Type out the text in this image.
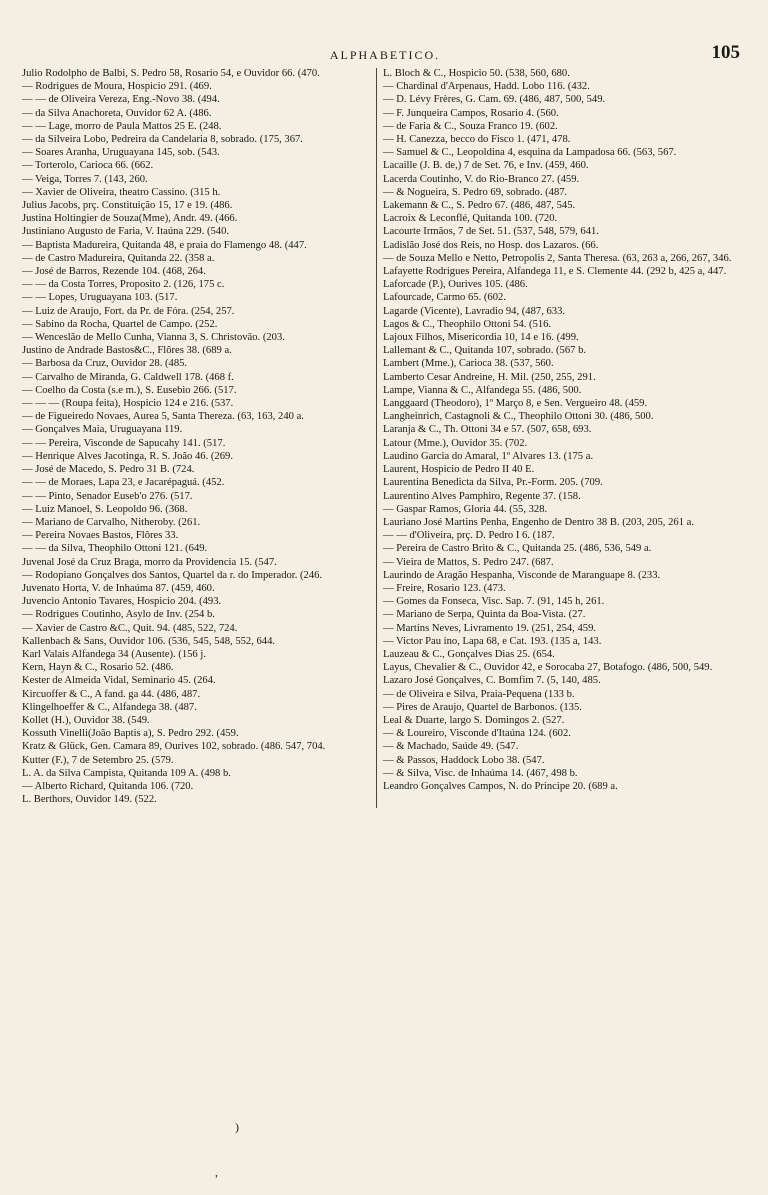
ALPHABETICO.	105
Julio Rodolpho de Balbi, S. Pedro 58, Rosario 54, e Ouvidor 66. (470.
— Rodrigues de Moura, Hospicio 291. (469.
— — de Oliveira Vereza, Eng.-Novo 38. (494.
— da Silva Anachoreta, Ouvidor 62 A. (486.
— — Lage, morro de Paula Mattos 25 E. (248.
— da Silveira Lobo, Pedreira da Candelaria 8, sobrado. (175, 367.
— Soares Aranha, Uruguayana 145, sob. (543.
— Torterolo, Carioca 66. (662.
— Veiga, Torres 7. (143, 260.
— Xavier de Oliveira, theatro Cassino. (315 h.
Julius Jacobs, prç. Constituição 15, 17 e 19. (486.
Justina Holtingier de Souza(Mme), Andr. 49. (466.
Justiniano Augusto de Faria, V. Itaúna 229. (540.
— Baptista Madureira, Quitanda 48, e praia do Flamengo 48. (447.
— de Castro Madureira, Quitanda 22. (358 a.
— José de Barros, Rezende 104. (468, 264.
— — da Costa Torres, Proposito 2. (126, 175 c.
— — Lopes, Uruguayana 103. (517.
— Luiz de Araujo, Fort. da Pr. de Fóra. (254, 257.
— Sabino da Rocha, Quartel de Campo. (252.
— Wenceslão de Mello Cunha, Vianna 3, S. Christovão. (203.
Justino de Andrade Bastos&C., Flôres 38. (689 a.
— Barbosa da Cruz, Ouvidor 28. (485.
— Carvalho de Miranda, G. Caldwell 178. (468 f.
— Coelho da Costa (s.e m.), S. Eusebio 266. (517.
— — — (Roupa feita), Hospicio 124 e 216. (537.
— de Figueiredo Novaes, Aurea 5, Santa Thereza. (63, 163, 240 a.
— Gonçalves Maia, Uruguayana 119.
— — Pereira, Visconde de Sapucahy 141. (517.
— Henrique Alves Jacotinga, R. S. João 46. (269.
— José de Macedo, S. Pedro 31 B. (724.
— — de Moraes, Lapa 23, e Jacarépaguá. (452.
— — Pinto, Senador Euseb'o 276. (517.
— Luiz Manoel, S. Leopoldo 96. (368.
— Mariano de Carvalho, Nitheroby. (261.
— Pereira Novaes Bastos, Flôres 33.
— — da Silva, Theophilo Ottoni 121. (649.
Juvenal José da Cruz Braga, morro da Providencia 15. (547.
— Rodopiano Gonçalves dos Santos, Quartel da r. do Imperador. (246.
Juvenato Horta, V. de Inhaúma 87. (459, 460.
Juvencio Antonio Tavares, Hospicio 204. (493.
— Rodrigues Coutinho, Asylo de Inv. (254 b.
— Xavier de Castro &C., Quit. 94. (485, 522, 724.
Kallenbach & Sans, Ouvidor 106. (536, 545, 548, 552, 644.
Karl Valais Alfandega 34 (Ausente). (156 j.
Kern, Hayn & C., Rosario 52. (486.
Kester de Almeida Vidal, Seminario 45. (264.
Kircuoffer & C., A fand. ga 44. (486, 487.
Klingelhoeffer & C., Alfandega 38. (487.
Kollet (H.), Ouvidor 38. (549.
Kossuth Vinelli(João Baptis a), S. Pedro 292. (459.
Kratz & Glück, Gen. Camara 89, Ourives 102, sobrado. (486. 547, 704.
Kutter (F.), 7 de Setembro 25. (579.
L. A. da Silva Campista, Quitanda 109 A. (498 b.
— Alberto Richard, Quitanda 106. (720.
L. Berthors, Ouvidor 149. (522.
L. Bloch & C., Hospicio 50. (538, 560, 680.
— Chardinal d'Arpenaus, Hadd. Lobo 116. (432.
— D. Lévy Frères, G. Cam. 69. (486, 487, 500, 549.
— F. Junqueira Campos, Rosario 4. (560.
— de Faria & C., Souza Franco 19. (602.
— H. Canezza, becco do Fisco 1. (471, 478.
— Samuel & C., Leopoldina 4, esquina da Lampadosa 66. (563, 567.
Lacaille (J. B. de,) 7 de Set. 76, e Inv. (459, 460.
Lacerda Coutinho, V. do Rio-Branco 27. (459.
— & Nogueira, S. Pedro 69, sobrado. (487.
Lakemann & C., S. Pedro 67. (486, 487, 545.
Lacroix & Leconflé, Quitanda 100. (720.
Lacourte Irmãos, 7 de Set. 51. (537, 548, 579, 641.
Ladislão José dos Reis, no Hosp. dos Lazaros. (66.
— de Souza Mello e Netto, Petropolis 2, Santa Theresa. (63, 263 a, 266, 267, 346.
Lafayette Rodrigues Pereira, Alfandega 11, e S. Clemente 44. (292 b, 425 a, 447.
Laforcade (P.), Ourives 105. (486.
Lafourcade, Carmo 65. (602.
Lagarde (Vicente), Lavradio 94, (487, 633.
Lagos & C., Theophilo Ottoni 54. (516.
Lajoux Filhos, Misericordia 10, 14 e 16. (499.
Lallemant & C., Quitanda 107, sobrado. (567 b.
Lambert (Mme.), Carioca 38. (537, 560.
Lamberto Cesar Andreine, H. Mil. (250, 255, 291.
Lampe, Vianna & C., Alfandega 55. (486, 500.
Langgaard (Theodoro), 1º Março 8, e Sen. Vergueiro 48. (459.
Langheinrich, Castagnoli & C., Theophilo Ottoni 30. (486, 500.
Laranja & C., Th. Ottoni 34 e 57. (507, 658, 693.
Latour (Mme.), Ouvidor 35. (702.
Laudino Garcia do Amaral, 1º Alvares 13. (175 a.
Laurent, Hospicio de Pedro II 40 E.
Laurentina Benedicta da Silva, Pr.-Form. 205. (709.
Laurentino Alves Pamphiro, Regente 37. (158.
— Gaspar Ramos, Gloria 44. (55, 328.
Lauriano José Martins Penha, Engenho de Dentro 38 B. (203, 205, 261 a.
— — d'Oliveira, prç. D. Pedro I 6. (187.
— Pereira de Castro Brito & C., Quitanda 25. (486, 536, 549 a.
— Vieira de Mattos, S. Pedro 247. (687.
Laurindo de Aragão Hespanha, Visconde de Maranguape 8. (233.
— Freire, Rosario 123. (473.
— Gomes da Fonseca, Visc. Sap. 7. (91, 145 h, 261.
— Mariano de Serpa, Quinta da Boa-Vista. (27.
— Martins Neves, Livramento 19. (251, 254, 459.
— Victor Pau ino, Lapa 68, e Cat. 193. (135 a, 143.
Lauzeau & C., Gonçalves Dias 25. (654.
Layus, Chevalier & C., Ouvidor 42, e Sorocaba 27, Botafogo. (486, 500, 549.
Lazaro José Gonçalves, C. Bomfim 7. (5, 140, 485.
— de Oliveira e Silva, Praia-Pequena (133 b.
— Pires de Araujo, Quartel de Barbonos. (135.
Leal & Duarte, largo S. Domingos 2. (527.
— & Loureiro, Visconde d'Itaúna 124. (602.
— & Machado, Saúde 49. (547.
— & Passos, Haddock Lobo 38. (547.
— & Silva, Visc. de Inhaúma 14. (467, 498 b.
Leandro Gonçalves Campos, N. do Principe 20. (689 a.
)
,
